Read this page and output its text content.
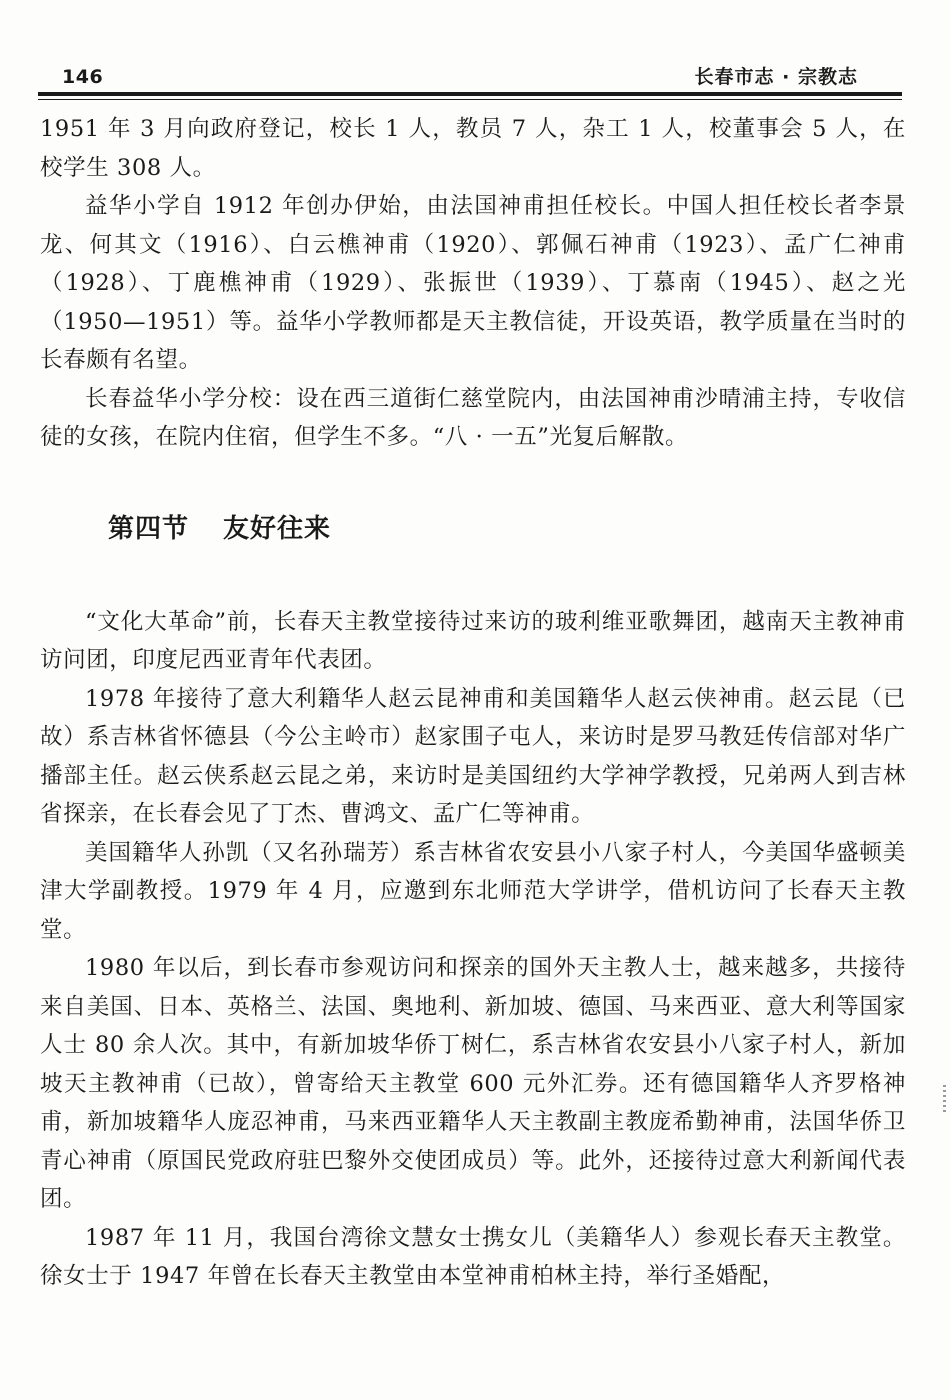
146	长春市志 · 宗教志

1951 年 3 月向政府登记，校长 1 人，教员 7 人，杂工 1 人，校董事会 5 人，在校学生 308 人。

益华小学自 1912 年创办伊始，由法国神甫担任校长。中国人担任校长者李景龙、何其文（1916）、白云樵神甫（1920）、郭佩石神甫（1923）、孟广仁神甫（1928）、丁鹿樵神甫（1929）、张振世（1939）、丁慕南（1945）、赵之光（1950—1951）等。益华小学教师都是天主教信徒，开设英语，教学质量在当时的长春颇有名望。

长春益华小学分校：设在西三道街仁慈堂院内，由法国神甫沙晴浦主持，专收信徒的女孩，在院内住宿，但学生不多。“八 · 一五”光复后解散。

第四节 友好往来

“文化大革命”前，长春天主教堂接待过来访的玻利维亚歌舞团，越南天主教神甫访问团，印度尼西亚青年代表团。

1978 年接待了意大利籍华人赵云昆神甫和美国籍华人赵云侠神甫。赵云昆（已故）系吉林省怀德县（今公主岭市）赵家围子屯人，来访时是罗马教廷传信部对华广播部主任。赵云侠系赵云昆之弟，来访时是美国纽约大学神学教授，兄弟两人到吉林省探亲，在长春会见了丁杰、曹鸿文、孟广仁等神甫。

美国籍华人孙凯（又名孙瑞芳）系吉林省农安县小八家子村人，今美国华盛顿美津大学副教授。1979 年 4 月，应邀到东北师范大学讲学，借机访问了长春天主教堂。

1980 年以后，到长春市参观访问和探亲的国外天主教人士，越来越多，共接待来自美国、日本、英格兰、法国、奥地利、新加坡、德国、马来西亚、意大利等国家人士 80 余人次。其中，有新加坡华侨丁树仁，系吉林省农安县小八家子村人，新加坡天主教神甫（已故），曾寄给天主教堂 600 元外汇券。还有德国籍华人齐罗格神甫，新加坡籍华人庞忍神甫，马来西亚籍华人天主教副主教庞希勤神甫，法国华侨卫青心神甫（原国民党政府驻巴黎外交使团成员）等。此外，还接待过意大利新闻代表团。

1987 年 11 月，我国台湾徐文慧女士携女儿（美籍华人）参观长春天主教堂。徐女士于 1947 年曾在长春天主教堂由本堂神甫柏林主持，举行圣婚配，
